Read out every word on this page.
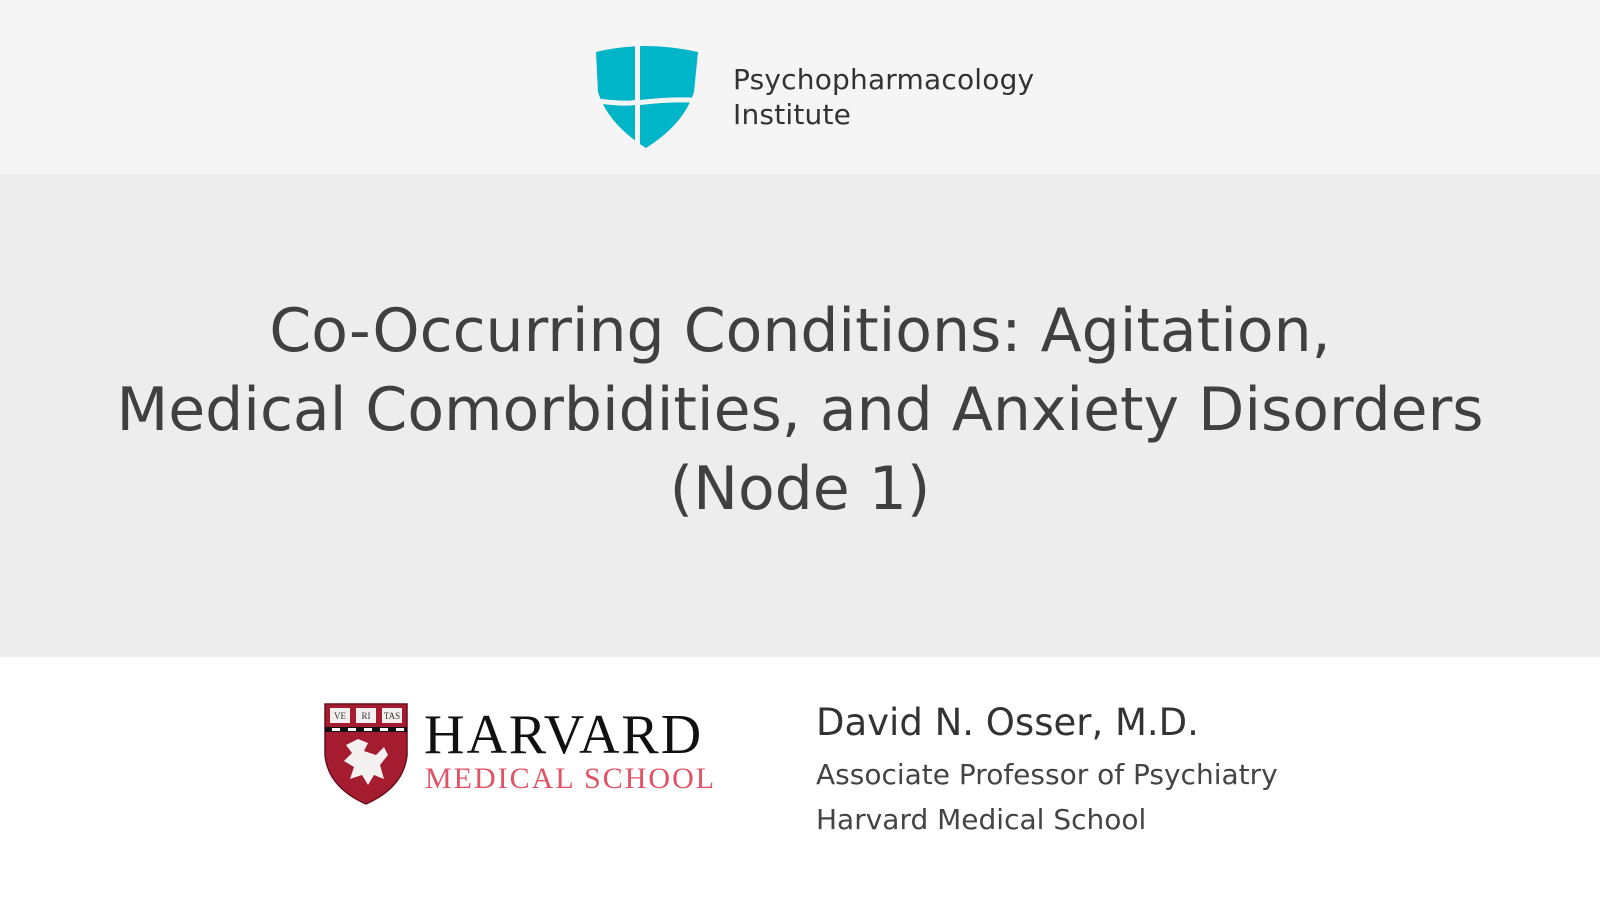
Psychopharmacology
Institute
Co-Occurring Conditions: Agitation,
Medical Comorbidities, and Anxiety Disorders
(Node 1)
VE RI TAS HARVARD
MEDICAL SCHOOL
David N. Osser, M.D.
Associate Professor of Psychiatry
Harvard Medical School
